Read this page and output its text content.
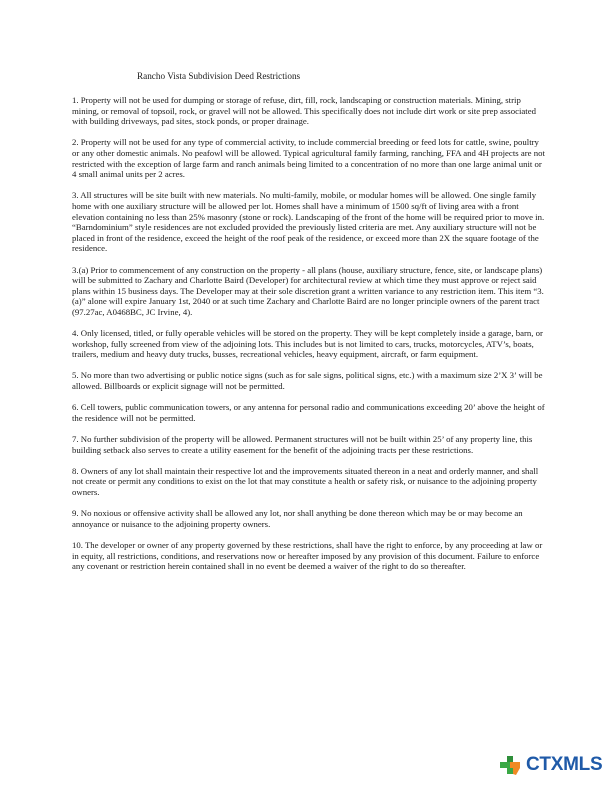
Rancho Vista Subdivision Deed Restrictions

1. Property will not be used for dumping or storage of refuse, dirt, fill, rock, landscaping or construction materials. Mining, strip mining, or removal of topsoil, rock, or gravel will not be allowed. This specifically does not include dirt work or site prep associated with building driveways, pad sites, stock ponds, or proper drainage.

2. Property will not be used for any type of commercial activity, to include commercial breeding or feed lots for cattle, swine, poultry or any other domestic animals. No peafowl will be allowed. Typical agricultural family farming, ranching, FFA and 4H projects are not restricted with the exception of large farm and ranch animals being limited to a concentration of no more than one large animal unit or 4 small animal units per 2 acres.

3. All structures will be site built with new materials. No multi-family, mobile, or modular homes will be allowed. One single family home with one auxiliary structure will be allowed per lot. Homes shall have a minimum of 1500 sq/ft of living area with a front elevation containing no less than 25% masonry (stone or rock). Landscaping of the front of the home will be required prior to move in. “Barndominium” style residences are not excluded provided the previously listed criteria are met. Any auxiliary structure will not be placed in front of the residence, exceed the height of the roof peak of the residence, or exceed more than 2X the square footage of the residence.

3.(a) Prior to commencement of any construction on the property - all plans (house, auxiliary structure, fence, site, or landscape plans) will be submitted to Zachary and Charlotte Baird (Developer) for architectural review at which time they must approve or reject said plans within 15 business days. The Developer may at their sole discretion grant a written variance to any restriction item. This item “3.(a)” alone will expire January 1st, 2040 or at such time Zachary and Charlotte Baird are no longer principle owners of the parent tract (97.27ac, A0468BC, JC Irvine, 4).

4. Only licensed, titled, or fully operable vehicles will be stored on the property. They will be kept completely inside a garage, barn, or workshop, fully screened from view of the adjoining lots. This includes but is not limited to cars, trucks, motorcycles, ATV’s, boats, trailers, medium and heavy duty trucks, busses, recreational vehicles, heavy equipment, aircraft, or farm equipment.

5. No more than two advertising or public notice signs (such as for sale signs, political signs, etc.) with a maximum size 2’X 3’ will be allowed. Billboards or explicit signage will not be permitted.

6. Cell towers, public communication towers, or any antenna for personal radio and communications exceeding 20’ above the height of the residence will not be permitted.

7. No further subdivision of the property will be allowed. Permanent structures will not be built within 25’ of any property line, this building setback also serves to create a utility easement for the benefit of the adjoining tracts per these restrictions.

8. Owners of any lot shall maintain their respective lot and the improvements situated thereon in a neat and orderly manner, and shall not create or permit any conditions to exist on the lot that may constitute a health or safety risk, or nuisance to the adjoining property owners.

9. No noxious or offensive activity shall be allowed any lot, nor shall anything be done thereon which may be or may become an annoyance or nuisance to the adjoining property owners.

10. The developer or owner of any property governed by these restrictions, shall have the right to enforce, by any proceeding at law or in equity, all restrictions, conditions, and reservations now or hereafter imposed by any provision of this document. Failure to enforce any covenant or restriction herein contained shall in no event be deemed a waiver of the right to do so thereafter.

CTXMLS
